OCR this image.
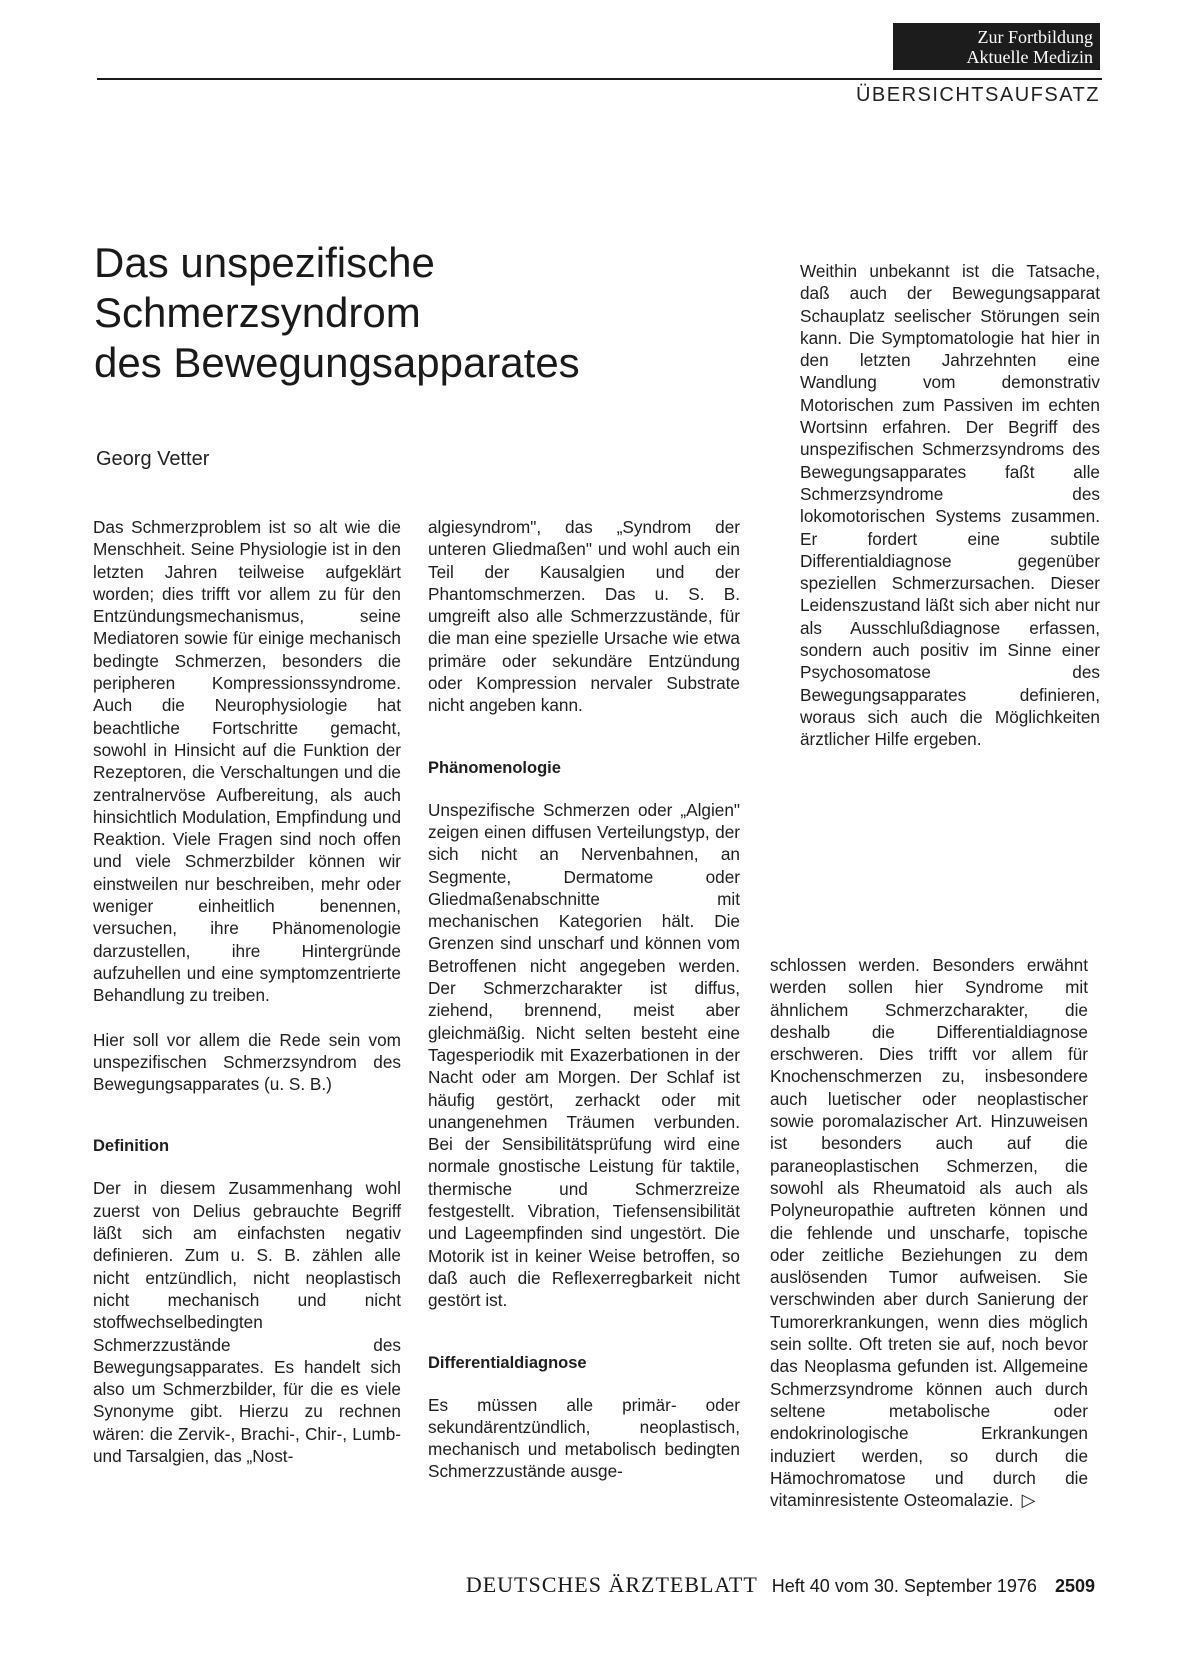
Zur Fortbildung
Aktuelle Medizin
ÜBERSICHTSAUFSATZ
Das unspezifische
Schmerzsyndrom
des Bewegungsapparates
Georg Vetter

Weithin unbekannt ist die Tatsache, daß auch der Bewegungsapparat Schauplatz seelischer Störungen sein kann. Die Symptomatologie hat hier in den letzten Jahrzehnten eine Wandlung vom demonstrativ Motorischen zum Passiven im echten Wortsinn erfahren. Der Begriff des unspezifischen Schmerzsyndroms des Bewegungsapparates faßt alle Schmerzsyndrome des lokomotorischen Systems zusammen. Er fordert eine subtile Differentialdiagnose gegenüber speziellen Schmerzursachen. Dieser Leidenszustand läßt sich aber nicht nur als Ausschlußdiagnose erfassen, sondern auch positiv im Sinne einer Psychosomatose des Bewegungsapparates definieren, woraus sich auch die Möglichkeiten ärztlicher Hilfe ergeben.

Das Schmerzproblem ist so alt wie die Menschheit. Seine Physiologie ist in den letzten Jahren teilweise aufgeklärt worden; dies trifft vor allem zu für den Entzündungsmechanismus, seine Mediatoren sowie für einige mechanisch bedingte Schmerzen, besonders die peripheren Kompressionssyndrome. Auch die Neurophysiologie hat beachtliche Fortschritte gemacht, sowohl in Hinsicht auf die Funktion der Rezeptoren, die Verschaltungen und die zentralnervöse Aufbereitung, als auch hinsichtlich Modulation, Empfindung und Reaktion. Viele Fragen sind noch offen und viele Schmerzbilder können wir einstweilen nur beschreiben, mehr oder weniger einheitlich benennen, versuchen, ihre Phänomenologie darzustellen, ihre Hintergründe aufzuhellen und eine symptomzentrierte Behandlung zu treiben.

Hier soll vor allem die Rede sein vom unspezifischen Schmerzsyndrom des Bewegungsapparates (u. S. B.)

Definition

Der in diesem Zusammenhang wohl zuerst von Delius gebrauchte Begriff läßt sich am einfachsten negativ definieren. Zum u. S. B. zählen alle nicht entzündlich, nicht neoplastisch nicht mechanisch und nicht stoffwechselbedingten Schmerzzustände des Bewegungsapparates. Es handelt sich also um Schmerzbilder, für die es viele Synonyme gibt. Hierzu zu rechnen wären: die Zervik-, Brachi-, Chir-, Lumb- und Tarsalgien, das „Nost-

algiesyndrom", das „Syndrom der unteren Gliedmaßen" und wohl auch ein Teil der Kausalgien und der Phantomschmerzen. Das u. S. B. umgreift also alle Schmerzzustände, für die man eine spezielle Ursache wie etwa primäre oder sekundäre Entzündung oder Kompression nervaler Substrate nicht angeben kann.

Phänomenologie

Unspezifische Schmerzen oder „Algien" zeigen einen diffusen Verteilungstyp, der sich nicht an Nervenbahnen, an Segmente, Dermatome oder Gliedmaßenabschnitte mit mechanischen Kategorien hält. Die Grenzen sind unscharf und können vom Betroffenen nicht angegeben werden. Der Schmerzcharakter ist diffus, ziehend, brennend, meist aber gleichmäßig. Nicht selten besteht eine Tagesperiodik mit Exazerbationen in der Nacht oder am Morgen. Der Schlaf ist häufig gestört, zerhackt oder mit unangenehmen Träumen verbunden. Bei der Sensibilitätsprüfung wird eine normale gnostische Leistung für taktile, thermische und Schmerzreize festgestellt. Vibration, Tiefensensibilität und Lageempfinden sind ungestört. Die Motorik ist in keiner Weise betroffen, so daß auch die Reflexerregbarkeit nicht gestört ist.

Differentialdiagnose

Es müssen alle primär- oder sekundärentzündlich, neoplastisch, mechanisch und metabolisch bedingten Schmerzzustände ausge-

schlossen werden. Besonders erwähnt werden sollen hier Syndrome mit ähnlichem Schmerzcharakter, die deshalb die Differentialdiagnose erschweren. Dies trifft vor allem für Knochenschmerzen zu, insbesondere auch luetischer oder neoplastischer sowie poromalazischer Art. Hinzuweisen ist besonders auch auf die paraneoplastischen Schmerzen, die sowohl als Rheumatoid als auch als Polyneuropathie auftreten können und die fehlende und unscharfe, topische oder zeitliche Beziehungen zu dem auslösenden Tumor aufweisen. Sie verschwinden aber durch Sanierung der Tumorerkrankungen, wenn dies möglich sein sollte. Oft treten sie auf, noch bevor das Neoplasma gefunden ist. Allgemeine Schmerzsyndrome können auch durch seltene metabolische oder endokrinologische Erkrankungen induziert werden, so durch die Hämochromatose und durch die vitaminresistente Osteomalazie. ▷

DEUTSCHES ÄRZTEBLATT Heft 40 vom 30. September 1976 2509
